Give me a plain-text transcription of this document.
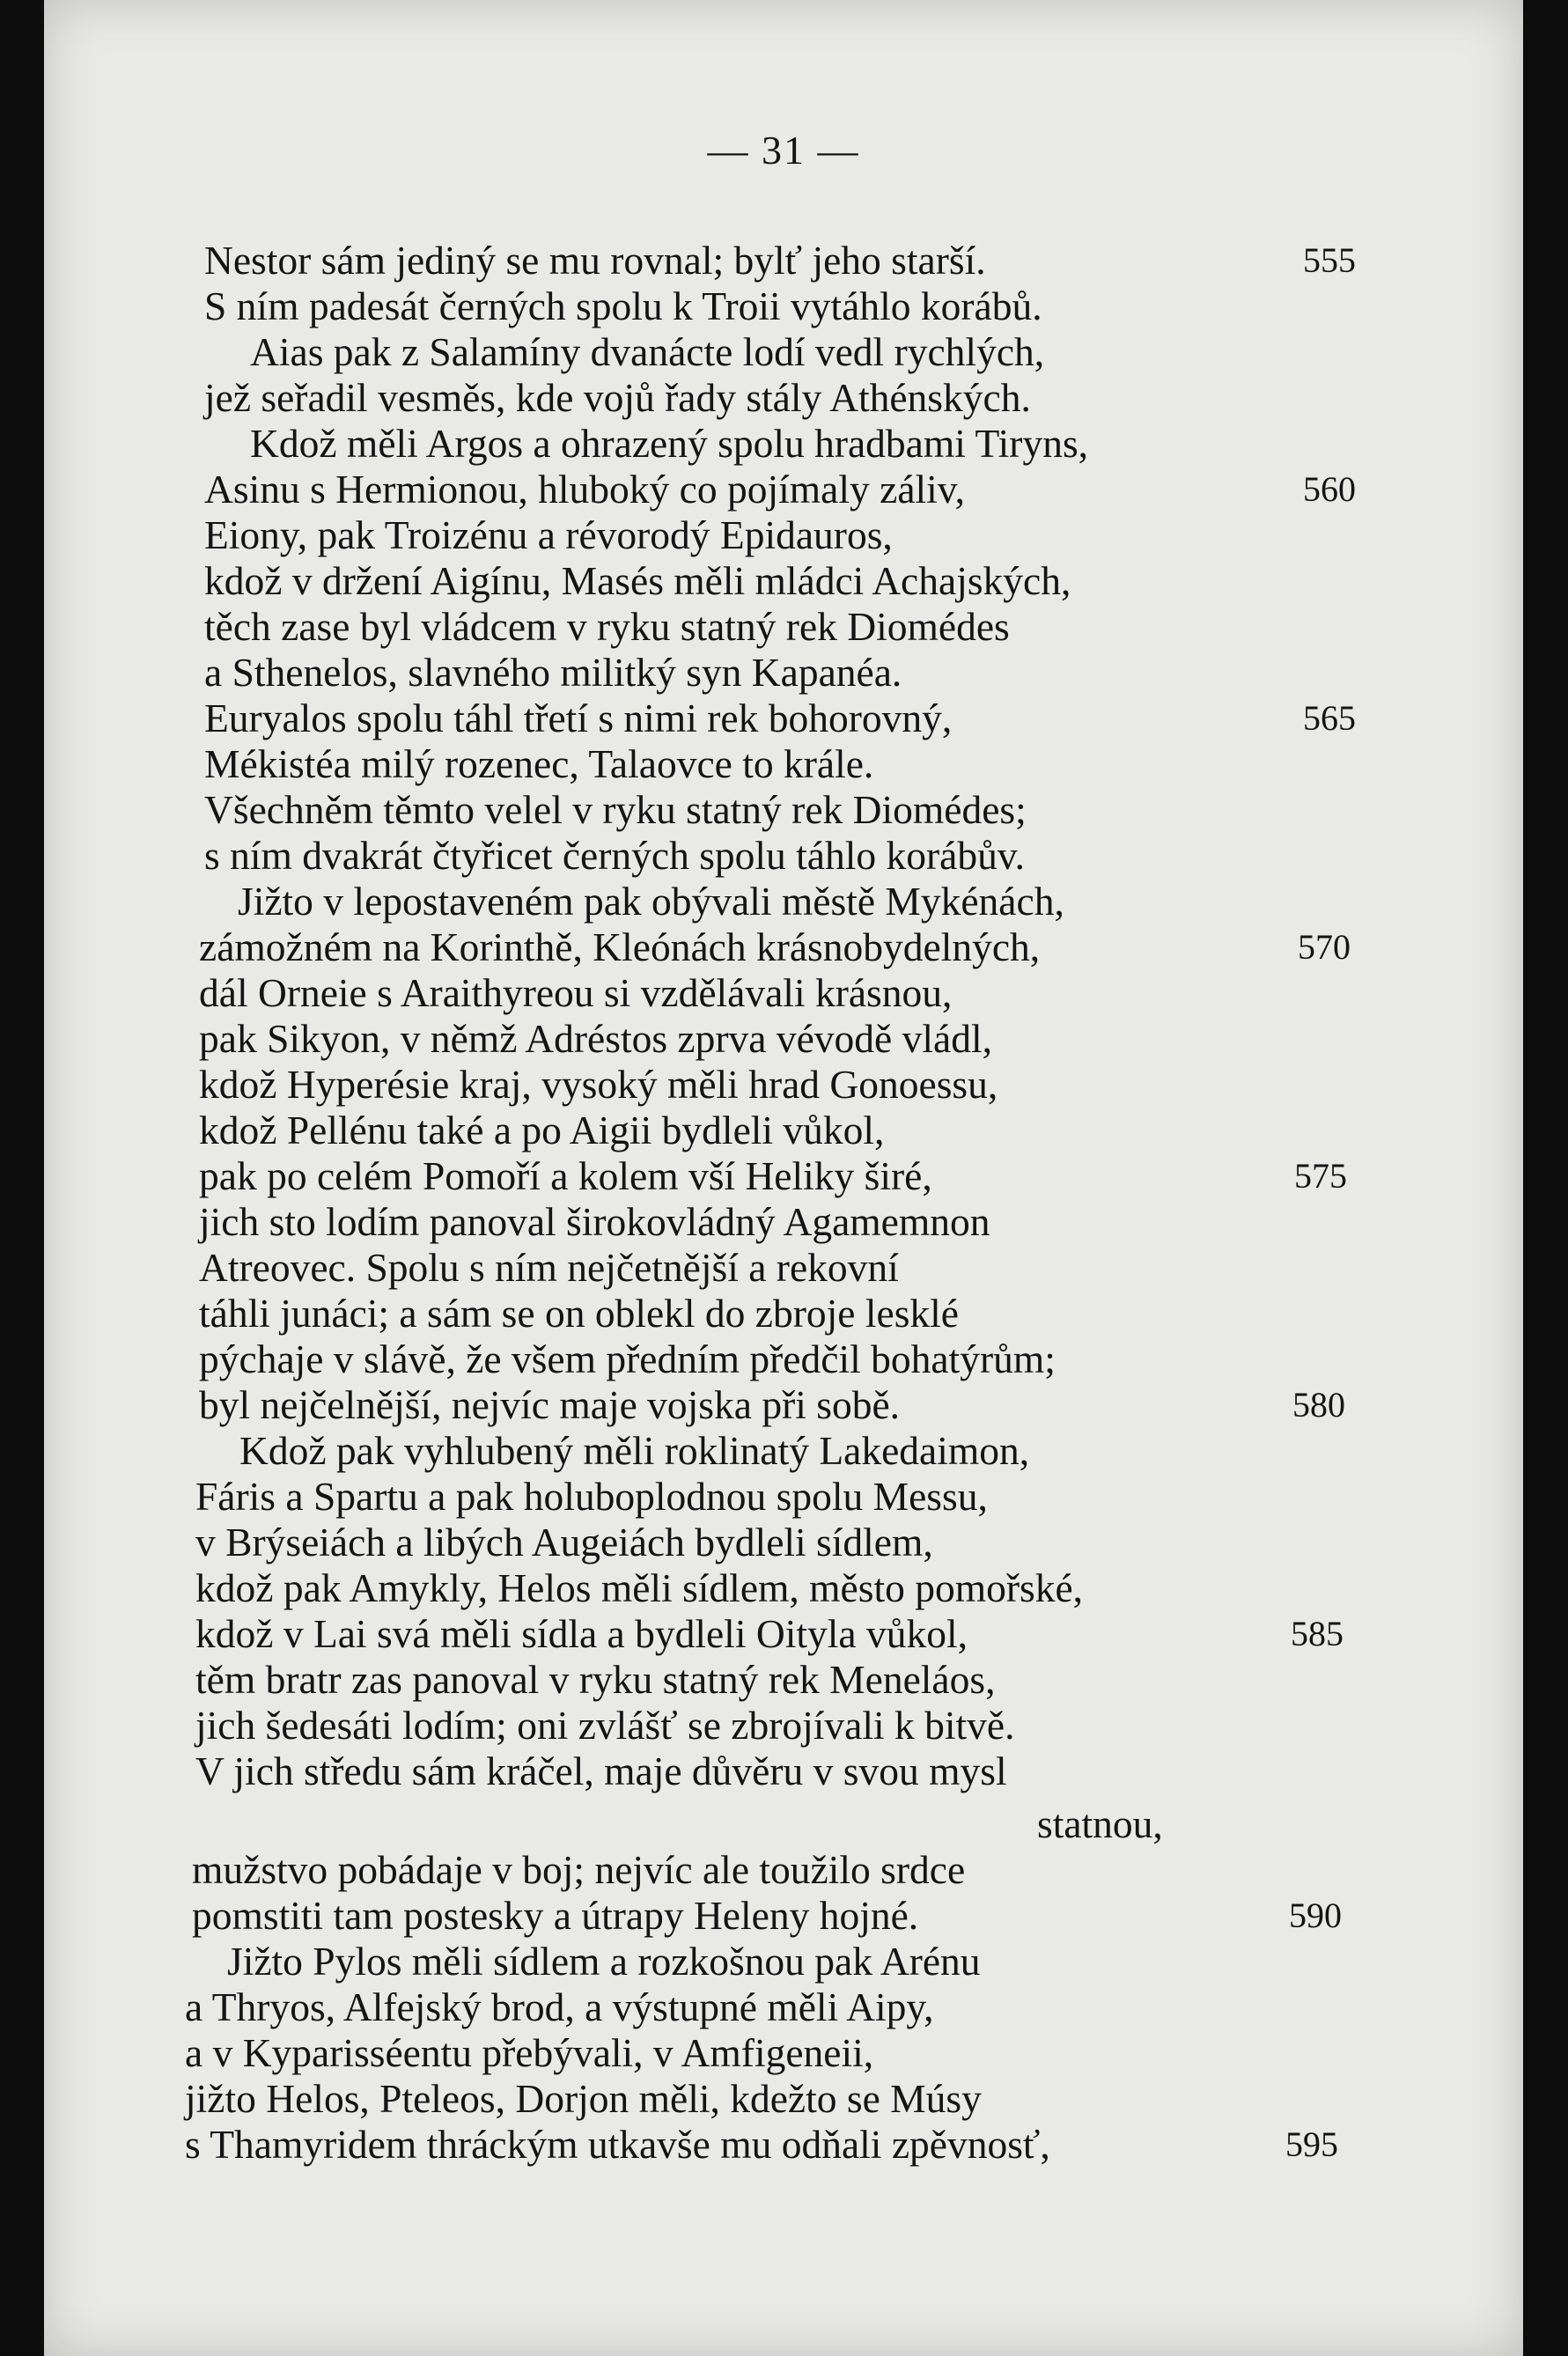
— 31 —
Nestor sám jediný se mu rovnal; bylť jeho starší.
S ním padesát černých spolu k Troii vytáhlo korábů.
Aias pak z Salamíny dvanácte lodí vedl rychlých,
jež seřadil vesměs, kde vojů řady stály Athénských.
Kdož měli Argos a ohrazený spolu hradbami Tiryns,
Asinu s Hermionou, hluboký co pojímaly záliv,
Eiony, pak Troizénu a révorodý Epidauros,
kdož v držení Aigínu, Masés měli mládci Achajských,
těch zase byl vládcem v ryku statný rek Diomédes
a Sthenelos, slavného militký syn Kapanéa.
Euryalos spolu táhl třetí s nimi rek bohorovný,
Mékistéa milý rozenec, Talaovce to krále.
Všechněm těmto velel v ryku statný rek Diomédes;
s ním dvakrát čtyřicet černých spolu táhlo korábův.
Jižto v lepostaveném pak obývali městě Mykénách,
zámožném na Korinthě, Kleónách krásnobydelných,
dál Orneie s Araithyreou si vzdělávali krásnou,
pak Sikyon, v němž Adréstos zprva vévodě vládl,
kdož Hyperésie kraj, vysoký měli hrad Gonoessu,
kdož Pellénu také a po Aigii bydleli vůkol,
pak po celém Pomoří a kolem vší Heliky širé,
jich sto lodím panoval širokovládný Agamemnon
Atreovec. Spolu s ním nejčetnější a rekovní
táhli junáci; a sám se on oblekl do zbroje lesklé
pýchaje v slávě, že všem předním předčil bohatýrům;
byl nejčelnější, nejvíc maje vojska při sobě.
Kdož pak vyhlubený měli roklinatý Lakedaimon,
Fáris a Spartu a pak holuboplodnou spolu Messu,
v Brýseiách a libých Augeiách bydleli sídlem,
kdož pak Amykly, Helos měli sídlem, město pomořské,
kdož v Lai svá měli sídla a bydleli Oityla vůkol,
těm bratr zas panoval v ryku statný rek Meneláos,
jich šedesáti lodím; oni zvlášť se zbrojívali k bitvě.
V jich středu sám kráčel, maje důvěru v svou mysl
statnou,
mužstvo pobádaje v boj; nejvíc ale toužilo srdce
pomstiti tam postesky a útrapy Heleny hojné.
Jižto Pylos měli sídlem a rozkošnou pak Arénu
a Thryos, Alfejský brod, a výstupné měli Aipy,
a v Kyparisséentu přebývali, v Amfigeneii,
jižto Helos, Pteleos, Dorjon měli, kdežto se Músy
s Thamyridem thráckým utkavše mu odňali zpěvnosť,
555
560
565
570
575
580
585
590
595
